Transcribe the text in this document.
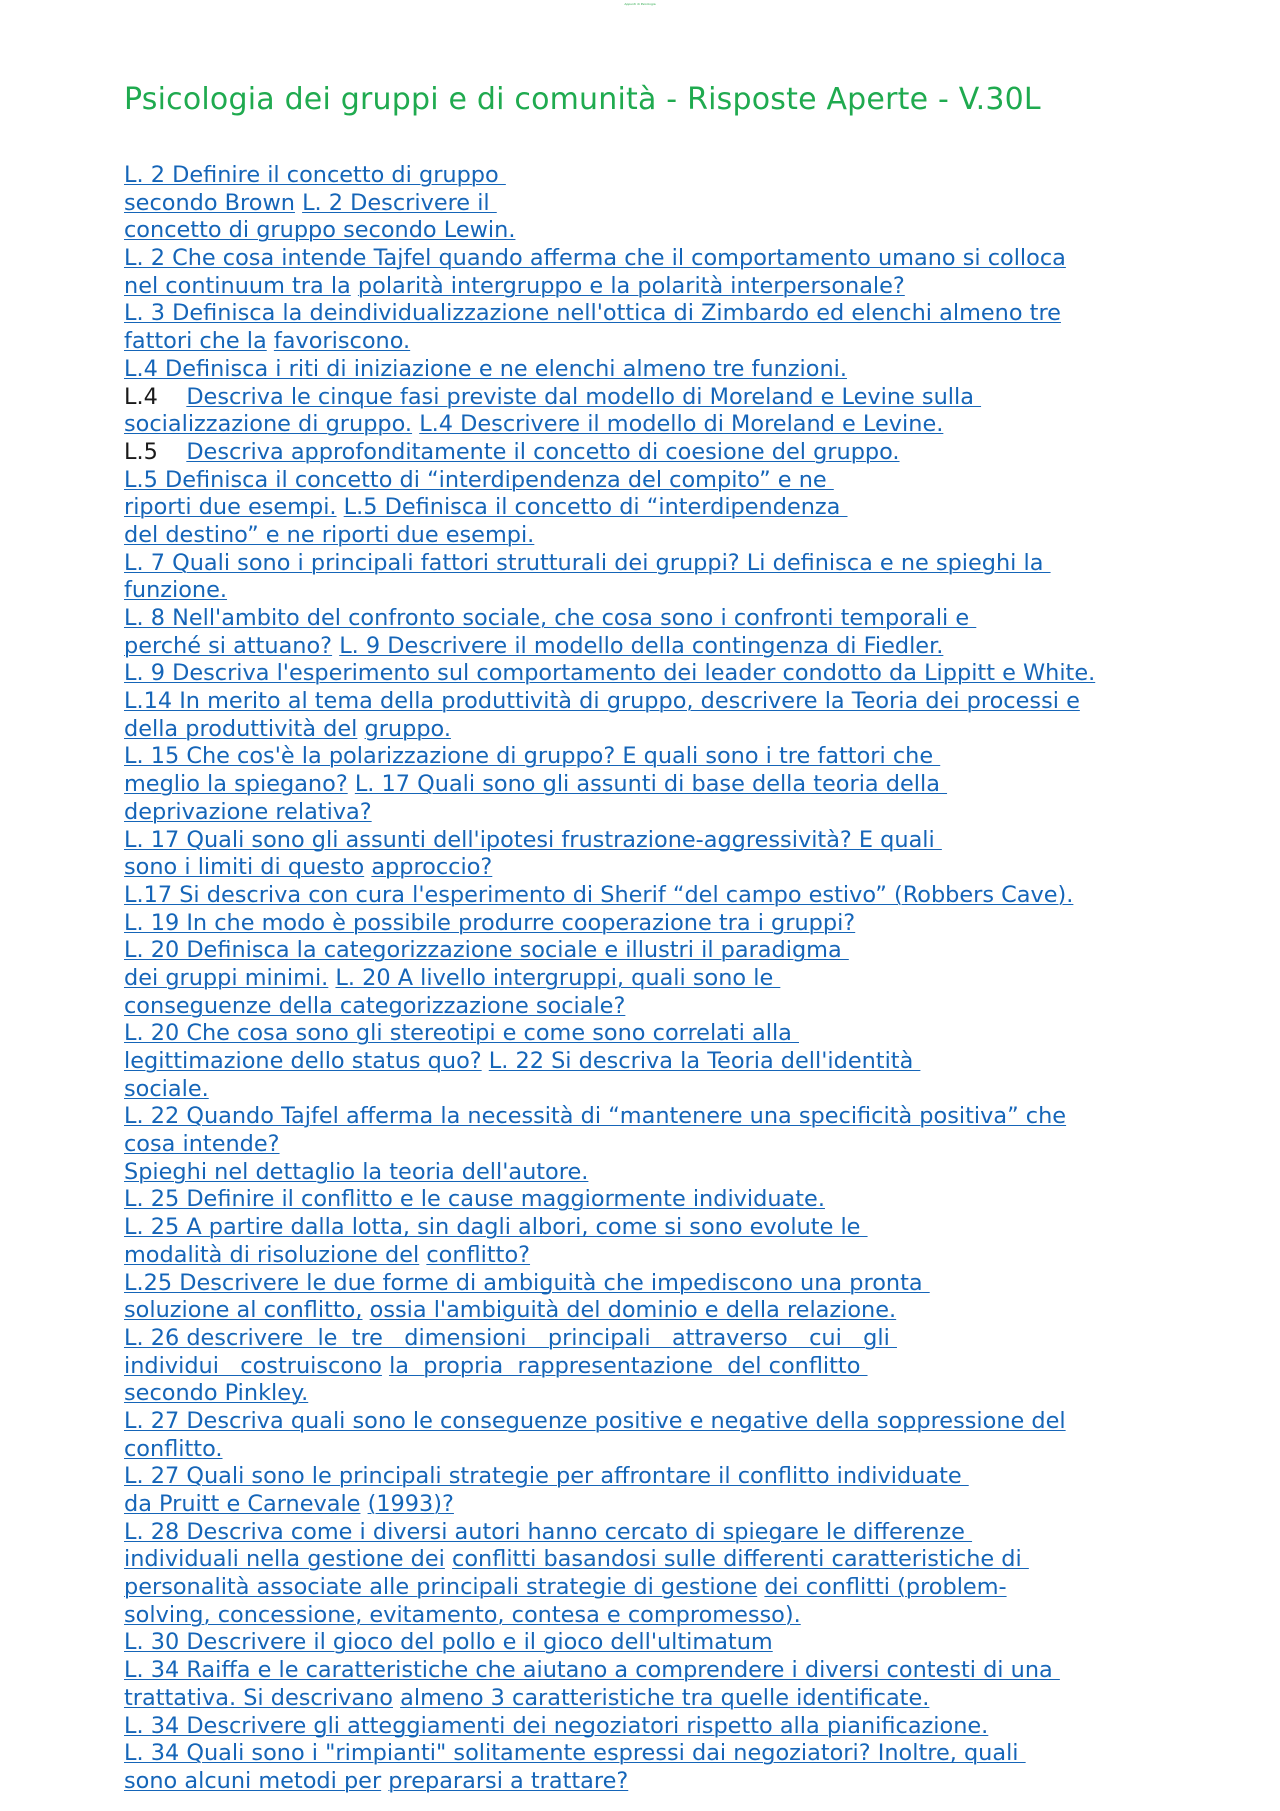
Appunti di Psicologia
Psicologia dei gruppi e di comunità - Risposte Aperte - V.30L
L. 2 Definire il concetto di gruppo
secondo Brown L. 2 Descrivere il
concetto di gruppo secondo Lewin.
L. 2 Che cosa intende Tajfel quando afferma che il comportamento umano si colloca
nel continuum tra la polarità intergruppo e la polarità interpersonale?
L. 3 Definisca la deindividualizzazione nell'ottica di Zimbardo ed elenchi almeno tre
fattori che la favoriscono.
L.4 Definisca i riti di iniziazione e ne elenchi almeno tre funzioni.
L.4    Descriva le cinque fasi previste dal modello di Moreland e Levine sulla
socializzazione di gruppo. L.4 Descrivere il modello di Moreland e Levine.
L.5    Descriva approfonditamente il concetto di coesione del gruppo.
L.5 Definisca il concetto di “interdipendenza del compito” e ne
riporti due esempi. L.5 Definisca il concetto di “interdipendenza
del destino” e ne riporti due esempi.
L. 7 Quali sono i principali fattori strutturali dei gruppi? Li definisca e ne spieghi la
funzione.
L. 8 Nell'ambito del confronto sociale, che cosa sono i confronti temporali e
perché si attuano? L. 9 Descrivere il modello della contingenza di Fiedler.
L. 9 Descriva l'esperimento sul comportamento dei leader condotto da Lippitt e White.
L.14 In merito al tema della produttività di gruppo, descrivere la Teoria dei processi e
della produttività del gruppo.
L. 15 Che cos'è la polarizzazione di gruppo? E quali sono i tre fattori che
meglio la spiegano? L. 17 Quali sono gli assunti di base della teoria della
deprivazione relativa?
L. 17 Quali sono gli assunti dell'ipotesi frustrazione-aggressività? E quali
sono i limiti di questo approccio?
L.17 Si descriva con cura l'esperimento di Sherif “del campo estivo” (Robbers Cave).
L. 19 In che modo è possibile produrre cooperazione tra i gruppi?
L. 20 Definisca la categorizzazione sociale e illustri il paradigma
dei gruppi minimi. L. 20 A livello intergruppi, quali sono le
conseguenze della categorizzazione sociale?
L. 20 Che cosa sono gli stereotipi e come sono correlati alla
legittimazione dello status quo? L. 22 Si descriva la Teoria dell'identità
sociale.
L. 22 Quando Tajfel afferma la necessità di “mantenere una specificità positiva” che
cosa intende?
Spieghi nel dettaglio la teoria dell'autore.
L. 25 Definire il conflitto e le cause maggiormente individuate.
L. 25 A partire dalla lotta, sin dagli albori, come si sono evolute le
modalità di risoluzione del conflitto?
L.25 Descrivere le due forme di ambiguità che impediscono una pronta
soluzione al conflitto, ossia l'ambiguità del dominio e della relazione.
L. 26 descrivere  le  tre   dimensioni   principali   attraverso   cui   gli
individui   costruiscono la  propria  rappresentazione  del conflitto
secondo Pinkley.
L. 27 Descriva quali sono le conseguenze positive e negative della soppressione del
conflitto.
L. 27 Quali sono le principali strategie per affrontare il conflitto individuate
da Pruitt e Carnevale (1993)?
L. 28 Descriva come i diversi autori hanno cercato di spiegare le differenze
individuali nella gestione dei conflitti basandosi sulle differenti caratteristiche di
personalità associate alle principali strategie di gestione dei conflitti (problem-
solving, concessione, evitamento, contesa e compromesso).
L. 30 Descrivere il gioco del pollo e il gioco dell'ultimatum
L. 34 Raiffa e le caratteristiche che aiutano a comprendere i diversi contesti di una
trattativa. Si descrivano almeno 3 caratteristiche tra quelle identificate.
L. 34 Descrivere gli atteggiamenti dei negoziatori rispetto alla pianificazione.
L. 34 Quali sono i "rimpianti" solitamente espressi dai negoziatori? Inoltre, quali
sono alcuni metodi per prepararsi a trattare?
